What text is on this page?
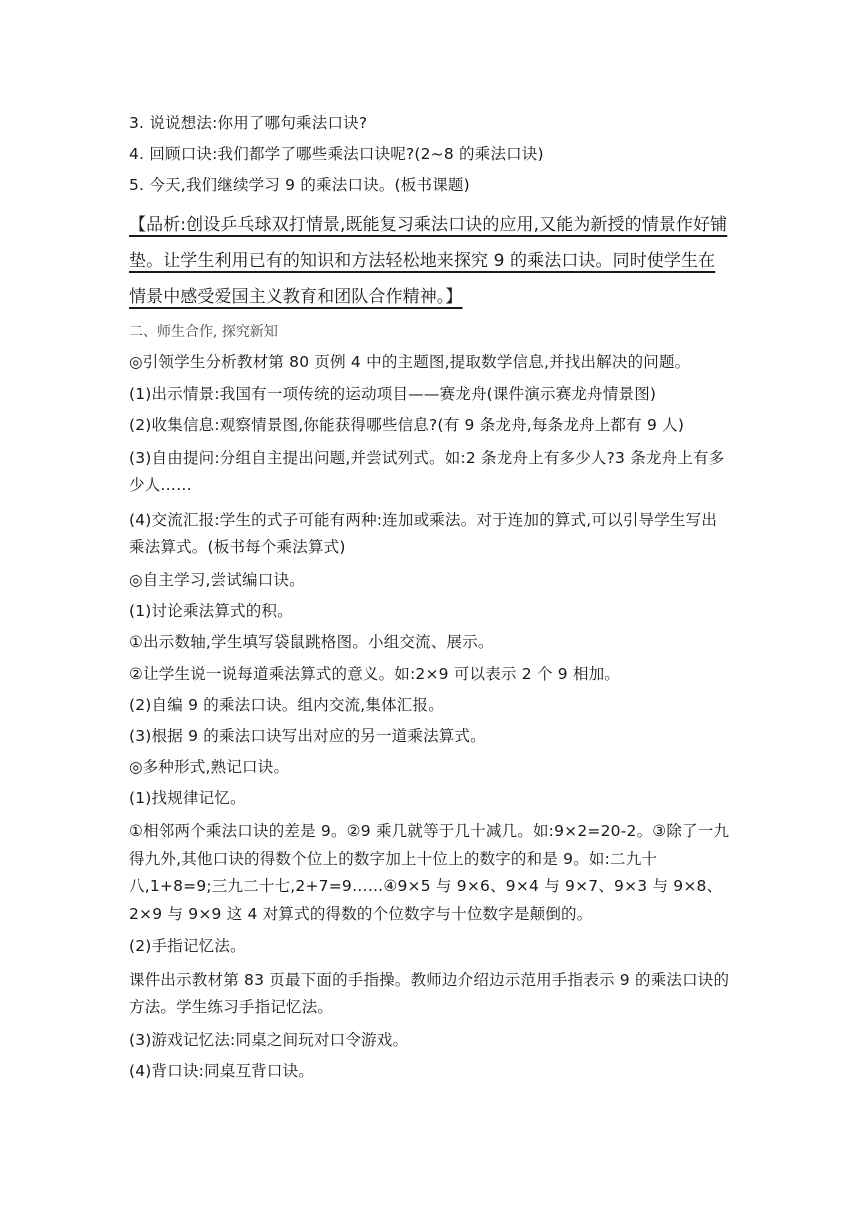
3. 说说想法:你用了哪句乘法口诀?

4. 回顾口诀:我们都学了哪些乘法口诀呢?(2~8 的乘法口诀)

5. 今天,我们继续学习 9 的乘法口诀。(板书课题)

【品析:创设乒乓球双打情景,既能复习乘法口诀的应用,又能为新授的情景作好铺垫。让学生利用已有的知识和方法轻松地来探究 9 的乘法口诀。同时使学生在情景中感受爱国主义教育和团队合作精神。】

二、师生合作, 探究新知

◎引领学生分析教材第 80 页例 4 中的主题图,提取数学信息,并找出解决的问题。

(1)出示情景:我国有一项传统的运动项目——赛龙舟(课件演示赛龙舟情景图)

(2)收集信息:观察情景图,你能获得哪些信息?(有 9 条龙舟,每条龙舟上都有 9 人)

(3)自由提问:分组自主提出问题,并尝试列式。如:2 条龙舟上有多少人?3 条龙舟上有多少人……

(4)交流汇报:学生的式子可能有两种:连加或乘法。对于连加的算式,可以引导学生写出乘法算式。(板书每个乘法算式)

◎自主学习,尝试编口诀。

(1)讨论乘法算式的积。

①出示数轴,学生填写袋鼠跳格图。小组交流、展示。

②让学生说一说每道乘法算式的意义。如:2×9 可以表示 2 个 9 相加。

(2)自编 9 的乘法口诀。组内交流,集体汇报。

(3)根据 9 的乘法口诀写出对应的另一道乘法算式。

◎多种形式,熟记口诀。

(1)找规律记忆。

①相邻两个乘法口诀的差是 9。②9 乘几就等于几十减几。如:9×2=20-2。③除了一九得九外,其他口诀的得数个位上的数字加上十位上的数字的和是 9。如:二九十八,1+8=9;三九二十七,2+7=9……④9×5 与 9×6、9×4 与 9×7、9×3 与 9×8、2×9 与 9×9 这 4 对算式的得数的个位数字与十位数字是颠倒的。

(2)手指记忆法。

课件出示教材第 83 页最下面的手指操。教师边介绍边示范用手指表示 9 的乘法口诀的方法。学生练习手指记忆法。

(3)游戏记忆法:同桌之间玩对口令游戏。

(4)背口诀:同桌互背口诀。
